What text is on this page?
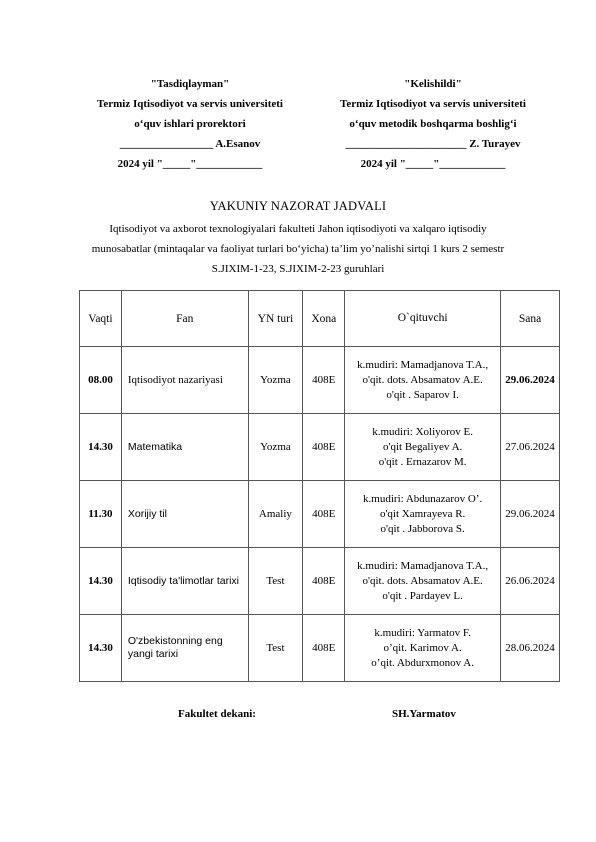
"Tasdiqlayman"
Termiz Iqtisodiyot va servis universiteti
o‘quv ishlari prorektori
_________________ A.Esanov
2024 yil "_____"____________
"Kelishildi"
Termiz Iqtisodiyot va servis universiteti
o‘quv metodik boshqarma boshlig‘i
______________________ Z. Turayev
2024 yil "_____"____________
YAKUNIY NAZORAT JADVALI
Iqtisodiyot va axborot texnologiyalari fakulteti Jahon iqtisodiyoti va xalqaro iqtisodiy
munosabatlar (mintaqalar va faoliyat turlari bo‘yicha) ta’lim yo’nalishi sirtqi 1 kurs 2 semestr
S.JIXIM-1-23, S.JIXIM-2-23 guruhlari
Vaqti	Fan	YN turi	Xona	O`qituvchi	Sana
08.00	Iqtisodiyot nazariyasi	Yozma	408E	k.mudiri: Mamadjanova T.A.,
o'qit. dots. Absamatov A.E.
o'qit . Saparov I.	29.06.2024
14.30	Matematika	Yozma	408E	k.mudiri: Xoliyorov E.
o'qit Begaliyev A.
o'qit . Ernazarov M.	27.06.2024
11.30	Xorijiy til	Amaliy	408E	k.mudiri: Abdunazarov O’.
o'qit Xamrayeva R.
o'qit . Jabborova S.	29.06.2024
14.30	Iqtisodiy ta'limotlar tarixi	Test	408E	k.mudiri: Mamadjanova T.A.,
o'qit. dots. Absamatov A.E.
o'qit . Pardayev L.	26.06.2024
14.30	O'zbekistonning eng yangi tarixi	Test	408E	k.mudiri: Yarmatov F.
o’qit. Karimov A.
o’qit. Abdurxmonov A.	28.06.2024
Fakultet dekani:	SH.Yarmatov
